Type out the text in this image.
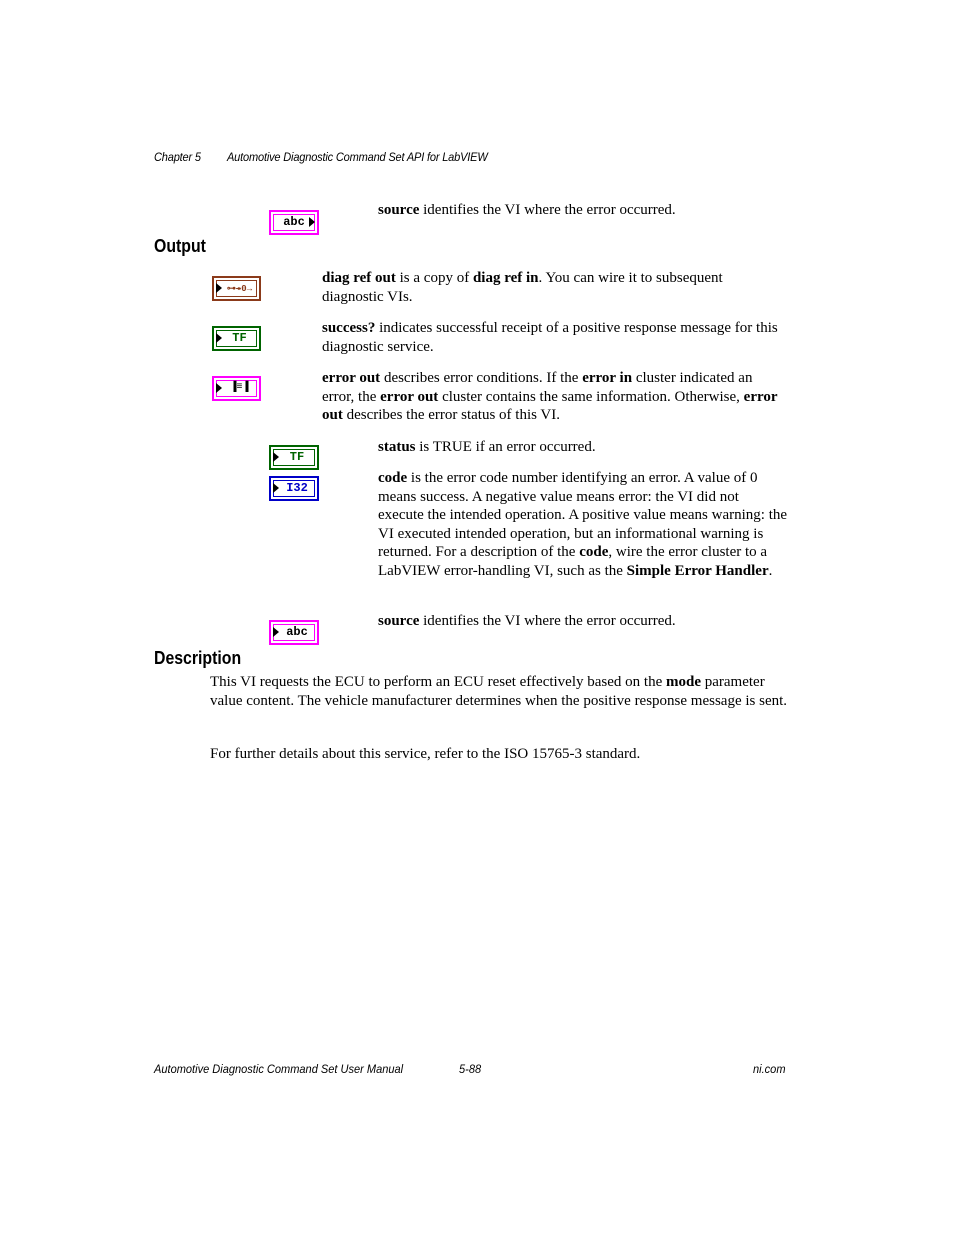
Chapter 5 Automotive Diagnostic Command Set API for LabVIEW
abc
source identifies the VI where the error occurred.
Output
⊶↠0→
diag ref out is a copy of diag ref in. You can wire it to subsequent diagnostic VIs.
TF
success? indicates successful receipt of a positive response message for this diagnostic service.
▐≡▐
error out describes error conditions. If the error in cluster indicated an error, the error out cluster contains the same information. Otherwise, error out describes the error status of this VI.
TF
status is TRUE if an error occurred.
I32
code is the error code number identifying an error. A value of 0 means success. A negative value means error: the VI did not execute the intended operation. A positive value means warning: the VI executed intended operation, but an informational warning is returned. For a description of the code, wire the error cluster to a LabVIEW error-handling VI, such as the Simple Error Handler.
abc
source identifies the VI where the error occurred.
Description
This VI requests the ECU to perform an ECU reset effectively based on the mode parameter value content. The vehicle manufacturer determines when the positive response message is sent.
For further details about this service, refer to the ISO 15765-3 standard.
Automotive Diagnostic Command Set User Manual	5-88	ni.com
